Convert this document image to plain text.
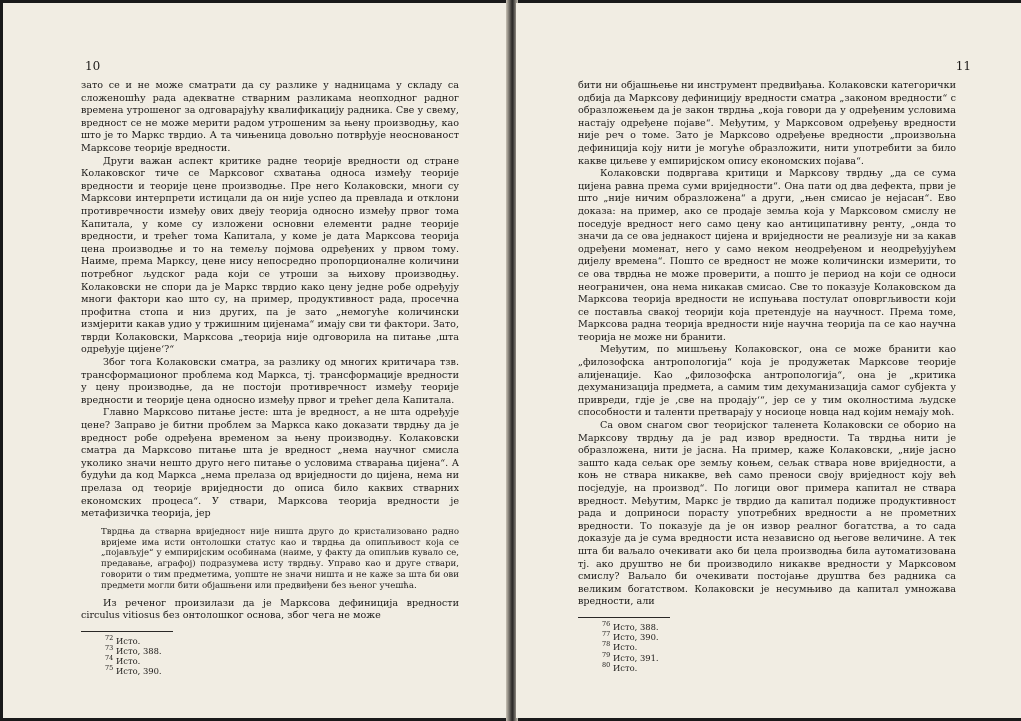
10

зато се и не може сматрати да су разлике у надницама у складу са сложеношћу рада адекватне стварним разликама неопходног радног времена утрошеног за одговарајућу квалификацију радника. Све у свему, вредност се не може мерити радом утрошеним за њену производњу, као што је то Маркс тврдио. А та чињеница довољно потврђује неоснованост Марксове теорије вредности.

Други важан аспект критике радне теорије вредности од стране Колаковског тиче се Марксовог схватања односа између теорије вредности и теорије цене производње. Пре него Колаковски, многи су Марксови интерпрети истицали да он није успео да превлада и отклони противречности између ових двеју теорија односно између првог тома Капитала, у коме су изложени основни елементи радне теорије вредности, и трећег тома Капитала, у коме је дата Марксова теорија цена производње и то на темељу појмова одређених у првом тому. Наиме, према Марксу, цене нису непосредно пропорционалне количини потребног људског рада који се утроши за њихову производњу. Колаковски не спори да је Маркс тврдио како цену једне робе одређују многи фактори као што су, на пример, продуктивност рада, просечна профитна стопа и низ других, па је зато „немогуће количински измјерити какав удио у тржишним цијенама“ имају сви ти фактори. Зато, тврди Колаковски, Марксова „теорија није одговорила на питање ‚шта одређује цијене‘?“

Због тога Колаковски сматра, за разлику од многих критичара тзв. трансформационог проблема код Маркса, тј. трансформације вредности у цену производње, да не постоји противречност између теорије вредности и теорије цена односно између првог и трећег дела Капитала.

Главно Марксово питање јесте: шта је вредност, а не шта одређује цене? Заправо је битни проблем за Маркса како доказати тврдњу да је вредност робе одређена временом за њену производњу. Колаковски сматра да Марксово питање шта је вредност „нема научног смисла уколико значи нешто друго него питање о условима стварања цијена“. А будући да код Маркса „нема прелаза од вриједности до цијена, нема ни прелаза од теорије вриједности до описа било каквих стварних економских процеса“. У ствари, Марксова теорија вредности је метафизичка теорија, јер

Тврдња да стварна вриједност није ништа друго до кристализовано радно вријеме има исти онтолошки статус као и тврдња да опипљивост која се „појављује“ у емпиријским особинама (наиме, у факту да опипљив кувало се, предавање, аграфој) подразумева исту тврдњу. Управо као и друге ствари, говорити о тим предметима, уопште не значи ништа и не каже за шта би ови предмети могли бити објашњени или предвиђени без њеног учешћа.

Из реченог произилази да је Марксова дефиниција вредности circulus vitiosus без онтолошког основа, због чега не може

$^{72}$ Исто.
$^{73}$ Исто, 388.
$^{74}$ Исто.
$^{75}$ Исто, 390.
11

бити ни објашњење ни инструмент предвиђања. Колаковски категорички одбија да Марксову дефиницију вредности сматра „законом вредности“ с образложењем да је закон тврдња „која говори да у одређеним условима настају одређене појаве“. Међутим, у Марксовом одређењу вредности није реч о томе. Зато је Марксово одређење вредности „произвољна дефиниција коју нити је могуће образложити, нити употребити за било какве циљеве у емпиријском опису економских појава“.

Колаковски подвргава критици и Марксову тврдњу „да се сума цијена равна према суми вриједности“. Она пати од два дефекта, први је што „није ничим образложена“ а други, „њен смисао је нејасан“. Ево доказа: на пример, ако се продаје земља која у Марксовом смислу не поседује вредност него само цену као антиципативну ренту, „онда то значи да се ова једнакост цијена и вриједности не реализује ни за какав одређени моменат, него у само неком неодређеном и неодређујућем дијелу времена“. Пошто се вредност не може количински измерити, то се ова тврдња не може проверити, а пошто је период на који се односи неограничен, она нема никакав смисао. Све то показује Колаковском да Марксова теорија вредности не испуњава постулат оповргљивости који се поставља свакој теорији која претендује на научност. Према томе, Марксова радна теорија вредности није научна теорија па се као научна теорија не може ни бранити.

Међутим, по мишљењу Колаковског, она се може бранити као „филозофска антропологија“ која је продужетак Марксове теорије алијенације. Као „филозофска антропологија“, она је „критика дехуманизација предмета, а самим тим дехуманизација самог субјекта у привреди, гдје је ‚све на продају‘“, јер се у тим околностима људске способности и таленти претварају у носиоце новца над којим немају моћ.

Са овом снагом свог теоријског таленета Колаковски се оборио на Марксову тврдњу да је рад извор вредности. Та тврдња нити је образложена, нити је јасна. На пример, каже Колаковски, „није јасно зашто када сељак оре земљу коњем, сељак ствара нове вриједности, а коњ не ствара никакве, већ само преноси своју вриједност коју већ посједује, на производ“. По логици овог примера капитал не ствара вредност. Међутим, Маркс је тврдио да капитал подиже продуктивност рада и доприноси порасту употребних вредности а не прометних вредности. То показује да је он извор реалног богатства, а то сада доказује да је сума вредности иста независно од његове величине. А тек шта би ваљало очекивати ако би цела производња била аутоматизована тј. ако друштво не би производило никакве вредности у Марксовом смислу? Ваљало би очекивати постојање друштва без радника са великим богатством. Колаковски је несумњиво да капитал умножава вредности, али

$^{76}$ Исто, 388.
$^{77}$ Исто, 390.
$^{78}$ Исто.
$^{79}$ Исто, 391.
$^{80}$ Исто.
